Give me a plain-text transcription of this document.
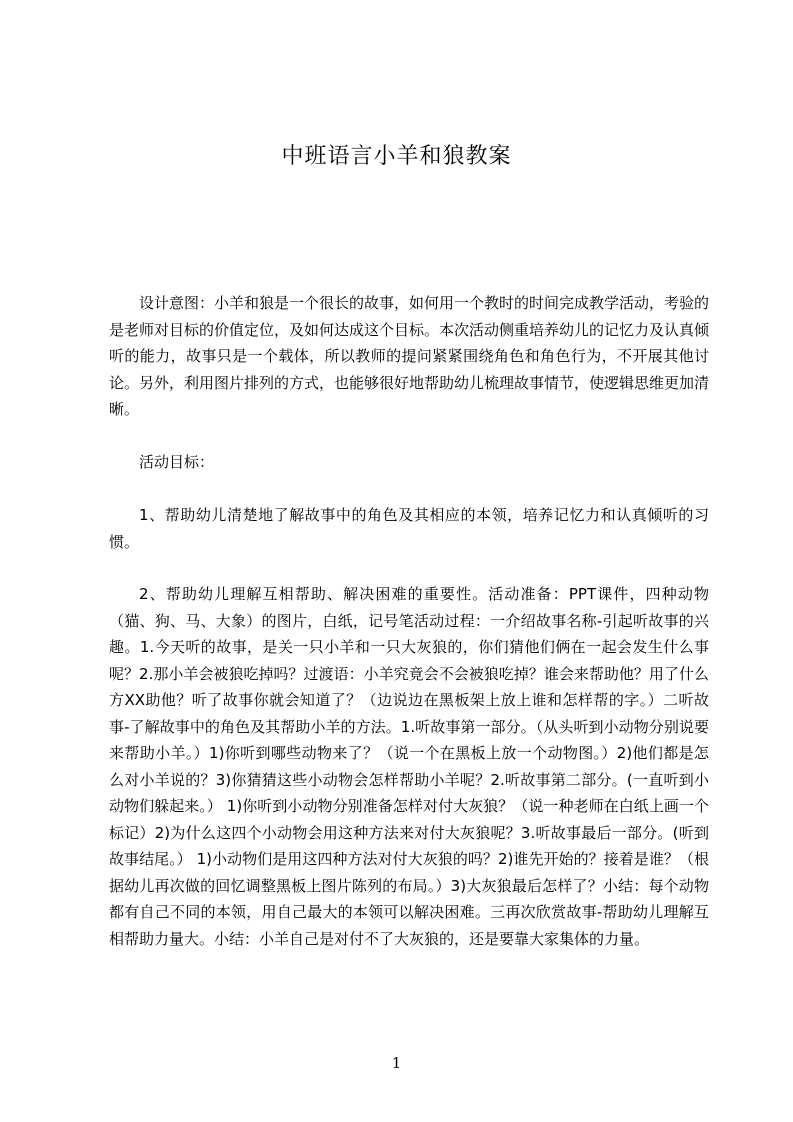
中班语言小羊和狼教案

设计意图：小羊和狼是一个很长的故事，如何用一个教时的时间完成教学活动，考验的是老师对目标的价值定位，及如何达成这个目标。本次活动侧重培养幼儿的记忆力及认真倾听的能力，故事只是一个载体，所以教师的提问紧紧围绕角色和角色行为，不开展其他讨论。另外，利用图片排列的方式，也能够很好地帮助幼儿梳理故事情节，使逻辑思维更加清晰。

活动目标：

1、帮助幼儿清楚地了解故事中的角色及其相应的本领，培养记忆力和认真倾听的习惯。

2、帮助幼儿理解互相帮助、解决困难的重要性。活动准备：PPT课件，四种动物（猫、狗、马、大象）的图片，白纸，记号笔活动过程：一介绍故事名称-引起听故事的兴趣。1.今天听的故事，是关一只小羊和一只大灰狼的，你们猜他们俩在一起会发生什么事呢？2.那小羊会被狼吃掉吗？过渡语：小羊究竟会不会被狼吃掉？谁会来帮助他？用了什么方XX助他？听了故事你就会知道了？（边说边在黑板架上放上谁和怎样帮的字。）二听故事-了解故事中的角色及其帮助小羊的方法。1.听故事第一部分。（从头听到小动物分别说要来帮助小羊。）1)你听到哪些动物来了？（说一个在黑板上放一个动物图。）2)他们都是怎么对小羊说的？3)你猜猜这些小动物会怎样帮助小羊呢？2.听故事第二部分。(一直听到小动物们躲起来。） 1)你听到小动物分别准备怎样对付大灰狼？（说一种老师在白纸上画一个标记）2)为什么这四个小动物会用这种方法来对付大灰狼呢？3.听故事最后一部分。(听到故事结尾。） 1)小动物们是用这四种方法对付大灰狼的吗？2)谁先开始的？接着是谁？（根据幼儿再次做的回忆调整黑板上图片陈列的布局。）3)大灰狼最后怎样了？小结：每个动物都有自己不同的本领，用自己最大的本领可以解决困难。三再次欣赏故事-帮助幼儿理解互相帮助力量大。小结：小羊自己是对付不了大灰狼的，还是要靠大家集体的力量。

1
